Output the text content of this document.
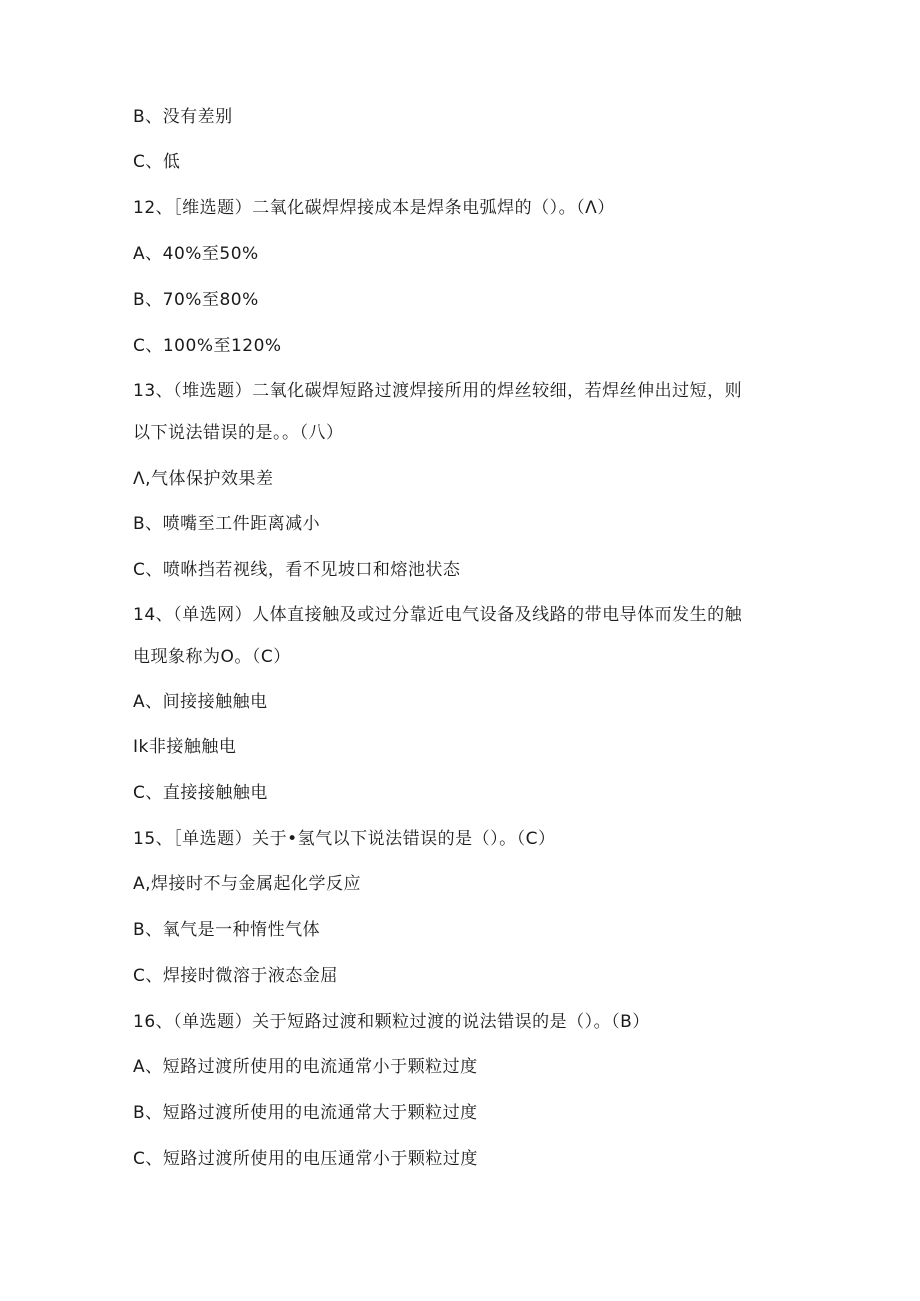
B、没有差别
C、低
12、［维选题）二氧化碳焊焊接成本是焊条电弧焊的（）。（Λ）
A、40%至50%
B、70%至80%
C、100%至120%
13、（堆选题）二氧化碳焊短路过渡焊接所用的焊丝较细，若焊丝伸出过短，则
以下说法错误的是。。（八）
Λ,气体保护效果差
B、喷嘴至工件距离减小
C、喷咻挡若视线，看不见坡口和熔池状态
14、（单选网）人体直接触及或过分靠近电气设备及线路的带电导体而发生的触
电现象称为O。（C）
A、间接接触触电
Ik非接触触电
C、直接接触触电
15、［单选题）关于•氢气以下说法错误的是（）。（C）
A,焊接时不与金属起化学反应
B、氧气是一种惰性气体
C、焊接时微溶于液态金屈
16、（单选题）关于短路过渡和颗粒过渡的说法错误的是（）。（B）
A、短路过渡所使用的电流通常小于颗粒过度
B、短路过渡所使用的电流通常大于颗粒过度
C、短路过渡所使用的电压通常小于颗粒过度
